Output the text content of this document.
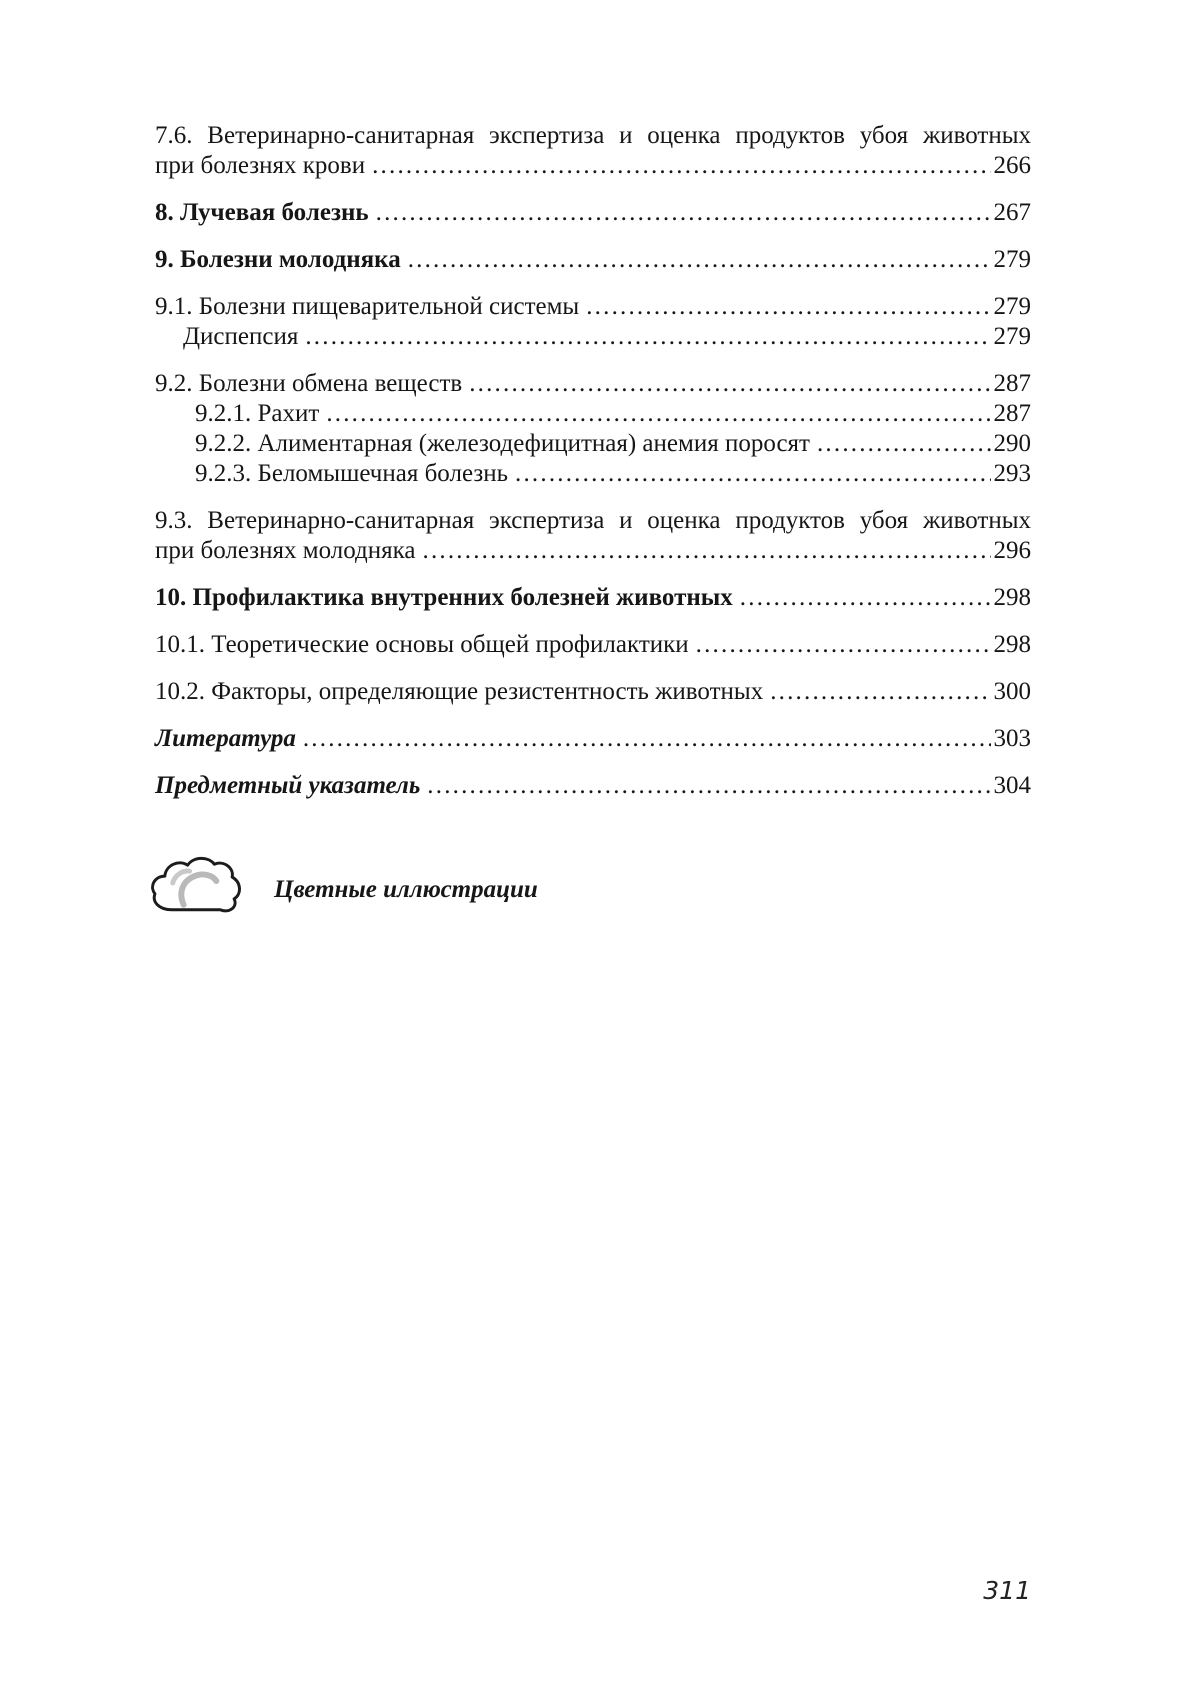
7.6. Ветеринарно-санитарная экспертиза и оценка продуктов убоя животных
при болезнях крови .....	266
8. Лучевая болезнь .....	267
9. Болезни молодняка .....	279
9.1. Болезни пищеварительной системы .....	279
Диспепсия .....	279
9.2. Болезни обмена веществ .....	287
9.2.1. Рахит .....	287
9.2.2. Алиментарная (железодефицитная) анемия поросят .....	290
9.2.3. Беломышечная болезнь .....	293
9.3. Ветеринарно-санитарная экспертиза и оценка продуктов убоя животных
при болезнях молодняка .....	296
10. Профилактика внутренних болезней животных .....	298
10.1. Теоретические основы общей профилактики .....	298
10.2. Факторы, определяющие резистентность животных .....	300
Литература .....	303
Предметный указатель .....	304
Цветные иллюстрации
311
